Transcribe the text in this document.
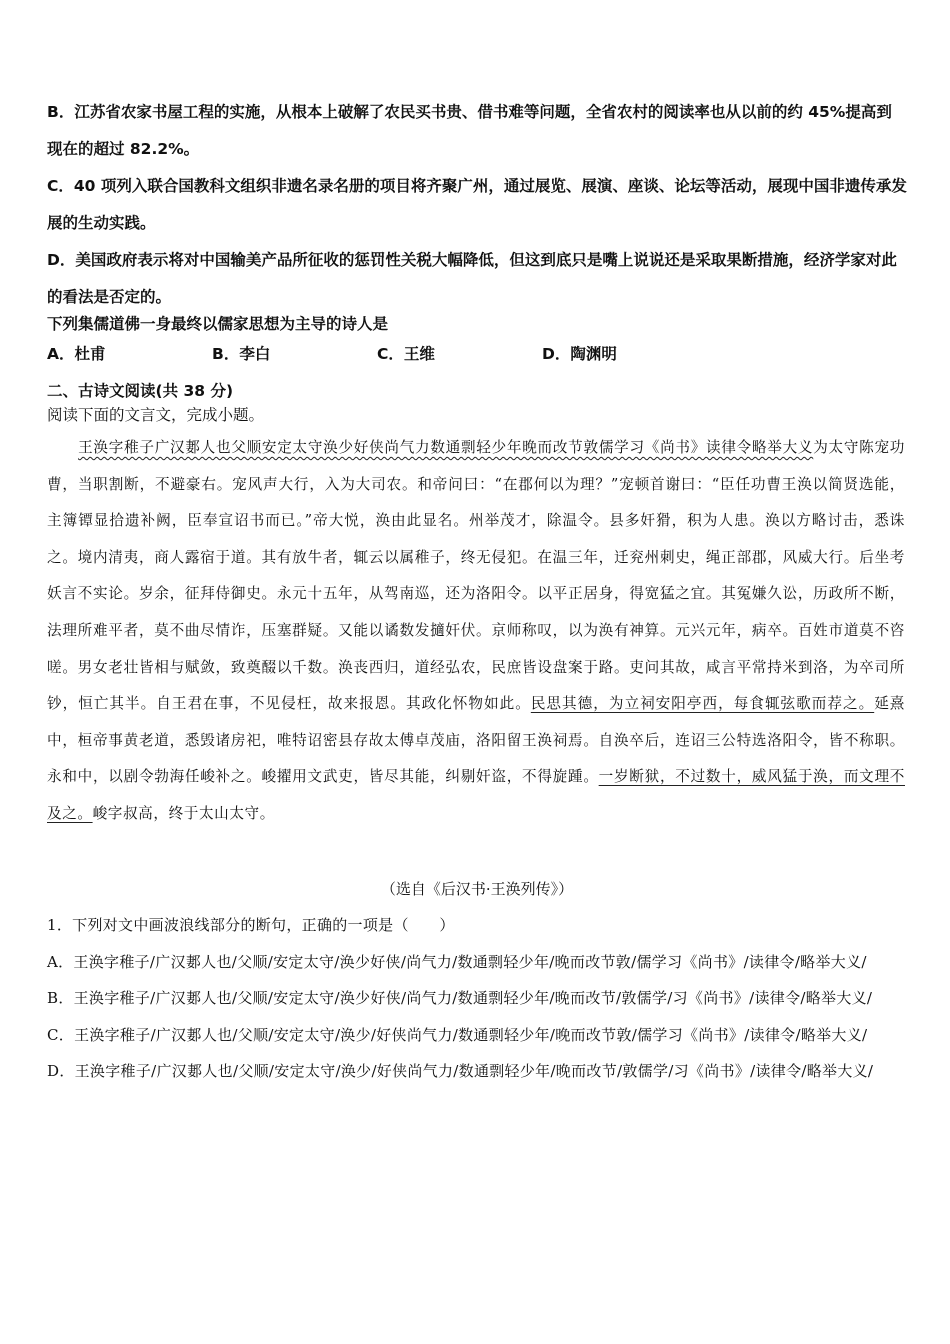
B．江苏省农家书屋工程的实施，从根本上破解了农民买书贵、借书难等问题，全省农村的阅读率也从以前的约 45%提高到现在的超过 82.2%。

C．40 项列入联合国教科文组织非遗名录名册的项目将齐聚广州，通过展览、展演、座谈、论坛等活动，展现中国非遗传承发展的生动实践。

D．美国政府表示将对中国输美产品所征收的惩罚性关税大幅降低，但这到底只是嘴上说说还是采取果断措施，经济学家对此的看法是否定的。

下列集儒道佛一身最终以儒家思想为主导的诗人是

A．杜甫	B．李白	C．王维	D．陶渊明

二、古诗文阅读(共 38 分)

阅读下面的文言文，完成小题。

王涣字稚子广汉郪人也父顺安定太守涣少好侠尚气力数通剽轻少年晚而改节敦儒学习《尚书》读律令略举大义为太守陈宠功曹，当职割断，不避豪右。宠风声大行，入为大司农。和帝问曰：“在郡何以为理？”宠顿首谢曰：“臣任功曹王涣以简贤选能，主簿镡显拾遗补阙，臣奉宣诏书而已。”帝大悦，涣由此显名。州举茂才，除温令。县多奸猾，积为人患。涣以方略讨击，悉诛之。境内清夷，商人露宿于道。其有放牛者，辄云以属稚子，终无侵犯。在温三年，迁兖州刺史，绳正部郡，风威大行。后坐考妖言不实论。岁余，征拜侍御史。永元十五年，从驾南巡，还为洛阳令。以平正居身，得宽猛之宜。其冤嫌久讼，历政所不断，法理所难平者，莫不曲尽情诈，压塞群疑。又能以谲数发擿奸伏。京师称叹，以为涣有神算。元兴元年，病卒。百姓市道莫不咨嗟。男女老壮皆相与赋敛，致奠醊以千数。涣丧西归，道经弘农，民庶皆设盘案于路。吏问其故，咸言平常持米到洛，为卒司所钞，恒亡其半。自王君在事，不见侵枉，故来报恩。其政化怀物如此。民思其德，为立祠安阳亭西，每食辄弦歌而荐之。延熹中，桓帝事黄老道，悉毁诸房祀，唯特诏密县存故太傅卓茂庙，洛阳留王涣祠焉。自涣卒后，连诏三公特选洛阳令，皆不称职。永和中，以剧令勃海任峻补之。峻擢用文武吏，皆尽其能，纠剔奸盗，不得旋踵。一岁断狱，不过数十，威风猛于涣，而文理不及之。峻字叔高，终于太山太守。

（选自《后汉书·王涣列传》）

1．下列对文中画波浪线部分的断句，正确的一项是（　　）

A．王涣字稚子/广汉郪人也/父顺/安定太守/涣少好侠/尚气力/数通剽轻少年/晚而改节敦/儒学习《尚书》/读律令/略举大义/

B．王涣字稚子/广汉郪人也/父顺/安定太守/涣少好侠/尚气力/数通剽轻少年/晚而改节/敦儒学/习《尚书》/读律令/略举大义/

C．王涣字稚子/广汉郪人也/父顺/安定太守/涣少/好侠尚气力/数通剽轻少年/晚而改节敦/儒学习《尚书》/读律令/略举大义/

D．王涣字稚子/广汉郪人也/父顺/安定太守/涣少/好侠尚气力/数通剽轻少年/晚而改节/敦儒学/习《尚书》/读律令/略举大义/
